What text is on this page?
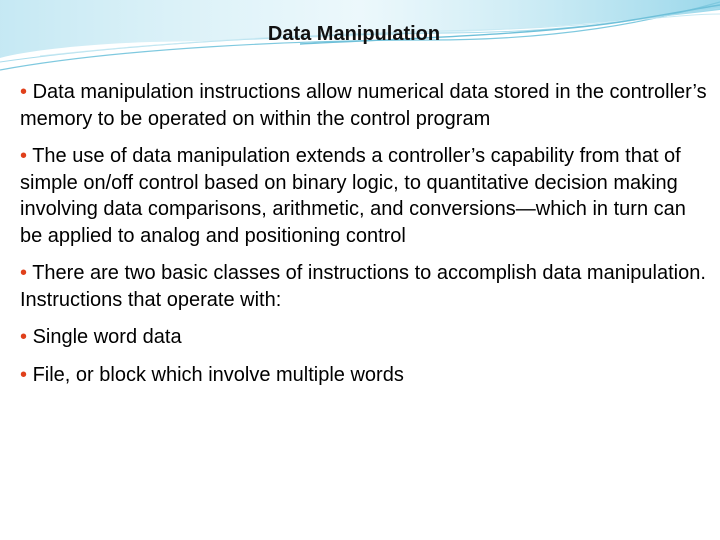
Data Manipulation

• Data manipulation instructions allow numerical data stored in the controller’s memory to be operated on within the control program

• The use of data manipulation extends a controller’s capability from that of simple on/off control based on binary logic, to quantitative decision making involving data comparisons, arithmetic, and conversions—which in turn can be applied to analog and positioning control

• There are two basic classes of instructions to accomplish data manipulation. Instructions that operate with:

• Single word data

• File, or block which involve multiple words
